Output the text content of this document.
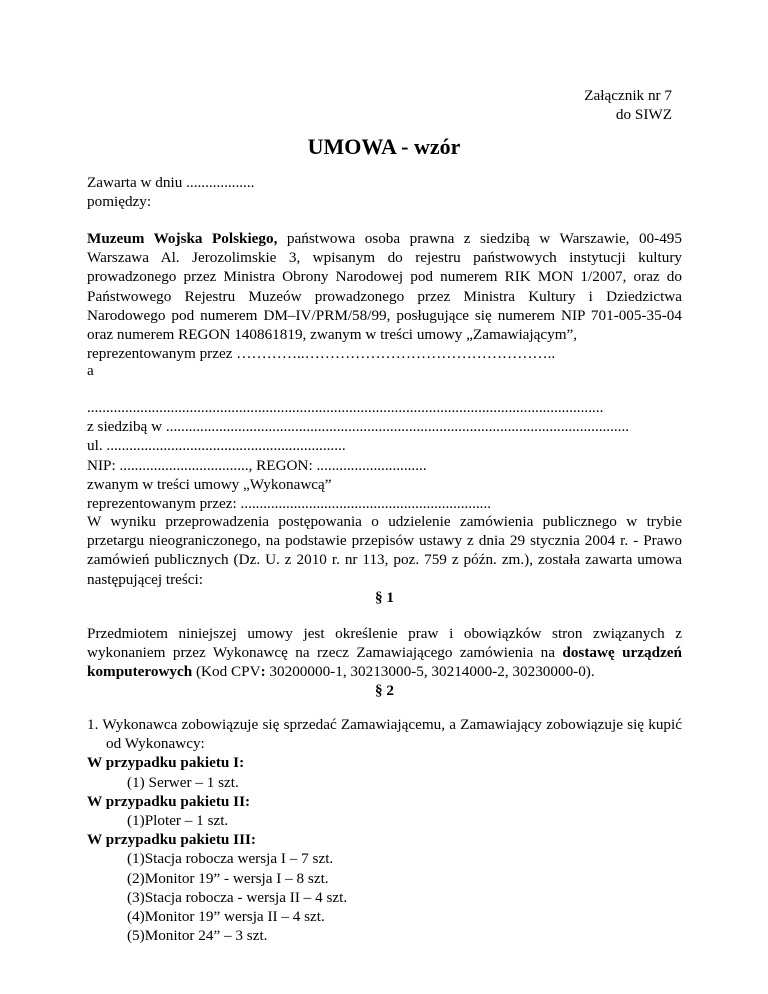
Załącznik nr 7
do SIWZ
UMOWA - wzór

Zawarta w dniu ..................

pomiędzy:

Muzeum Wojska Polskiego, państwowa osoba prawna z siedzibą w Warszawie, 00-495 Warszawa Al. Jerozolimskie 3, wpisanym do rejestru państwowych instytucji kultury prowadzonego przez Ministra Obrony Narodowej pod numerem RIK MON 1/2007, oraz do Państwowego Rejestru Muzeów prowadzonego przez Ministra Kultury i Dziedzictwa Narodowego pod numerem DM–IV/PRM/58/99, posługujące się numerem NIP 701-005-35-04 oraz numerem REGON 140861819, zwanym w treści umowy „Zamawiającym”,

reprezentowanym przez …………..…………………………………………..

a

........................................................................................................................................

z siedzibą w ..........................................................................................................................

ul. ...............................................................

NIP: .................................., REGON: .............................

zwanym w treści umowy „Wykonawcą”

reprezentowanym przez: ..................................................................

W wyniku przeprowadzenia postępowania o udzielenie zamówienia publicznego w trybie przetargu nieograniczonego, na podstawie przepisów ustawy z dnia 29 stycznia 2004 r. - Prawo zamówień publicznych (Dz. U. z 2010 r. nr 113, poz. 759 z późn. zm.), została zawarta umowa następującej treści:

§ 1

Przedmiotem niniejszej umowy jest określenie praw i obowiązków stron związanych z wykonaniem przez Wykonawcę na rzecz Zamawiającego zamówienia na dostawę urządzeń komputerowych (Kod CPV: 30200000-1, 30213000-5, 30214000-2, 30230000-0).

§ 2

1. Wykonawca zobowiązuje się sprzedać Zamawiającemu, a Zamawiający zobowiązuje się kupić od Wykonawcy:

W przypadku pakietu I:

(1) Serwer – 1 szt.

W przypadku pakietu II:

(1)Ploter – 1 szt.

W przypadku pakietu III:

(1)Stacja robocza wersja I – 7 szt.

(2)Monitor 19” - wersja I – 8 szt.

(3)Stacja robocza - wersja II – 4 szt.

(4)Monitor 19” wersja II – 4 szt.

(5)Monitor 24” – 3 szt.
